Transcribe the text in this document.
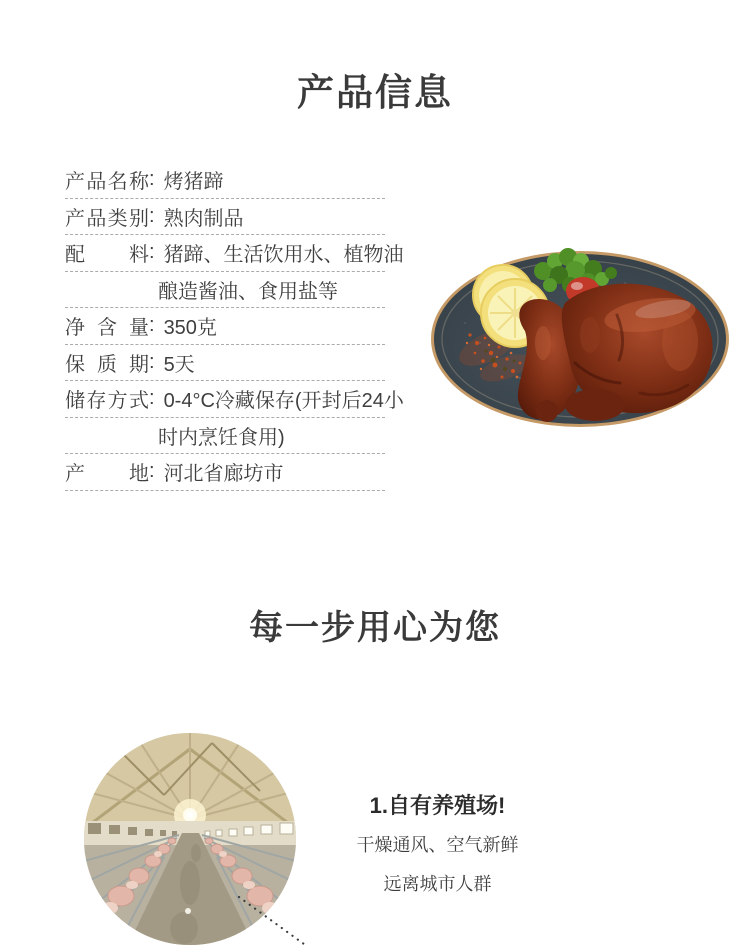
产品信息
产品名称 : 烤猪蹄
产品类别 : 熟肉制品
配料 : 猪蹄、生活饮用水、植物油
酿造酱油、食用盐等
净含量 : 350克
保质期 : 5天
储存方式 : 0-4°C冷藏保存(开封后24小
时内烹饪食用)
产地 : 河北省廊坊市
每一步用心为您

1.自有养殖场!

干燥通风、空气新鲜

远离城市人群
